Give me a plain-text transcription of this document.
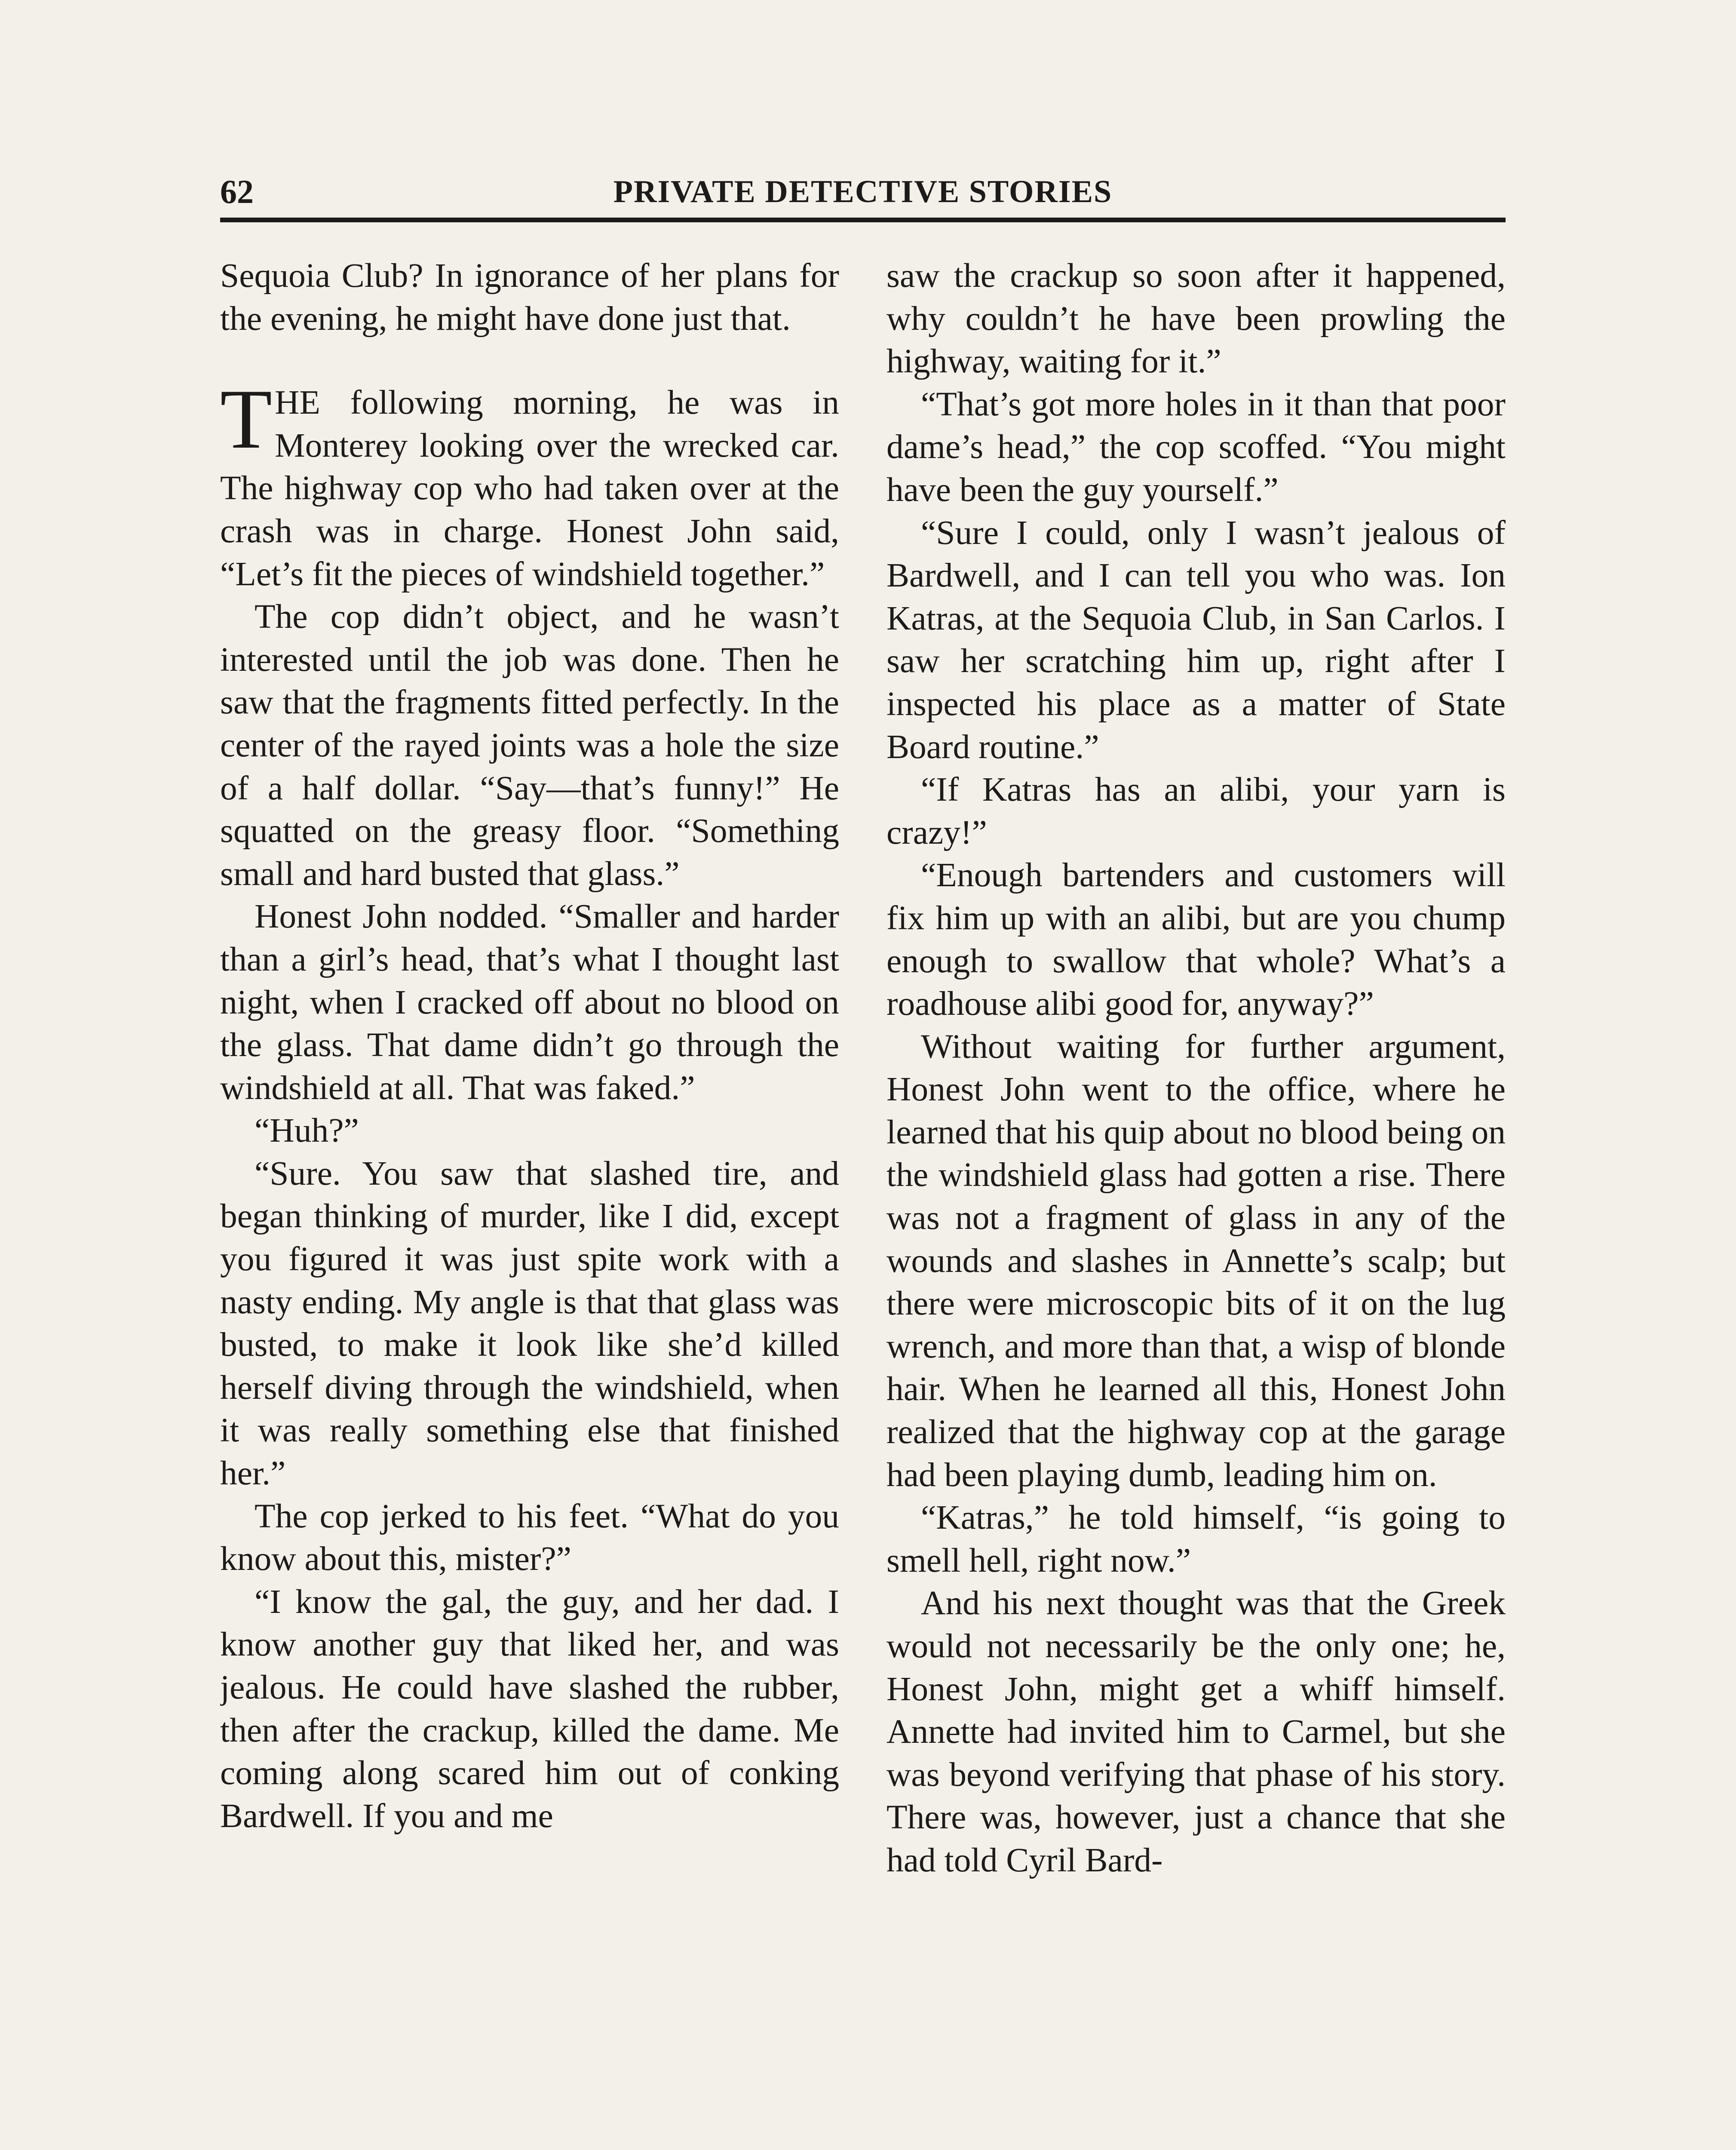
62	PRIVATE DETECTIVE STORIES

Sequoia Club? In ignorance of her plans for the evening, he might have done just that.

THE following morning, he was in Monterey looking over the wrecked car. The highway cop who had taken over at the crash was in charge. Honest John said, “Let’s fit the pieces of windshield together.”

The cop didn’t object, and he wasn’t interested until the job was done. Then he saw that the fragments fitted perfectly. In the center of the rayed joints was a hole the size of a half dollar. “Say—that’s funny!” He squatted on the greasy floor. “Something small and hard busted that glass.”

Honest John nodded. “Smaller and harder than a girl’s head, that’s what I thought last night, when I cracked off about no blood on the glass. That dame didn’t go through the windshield at all. That was faked.”

“Huh?”

“Sure. You saw that slashed tire, and began thinking of murder, like I did, except you figured it was just spite work with a nasty ending. My angle is that that glass was busted, to make it look like she’d killed herself diving through the windshield, when it was really something else that finished her.”

The cop jerked to his feet. “What do you know about this, mister?”

“I know the gal, the guy, and her dad. I know another guy that liked her, and was jealous. He could have slashed the rubber, then after the crackup, killed the dame. Me coming along scared him out of conking Bardwell. If you and me

saw the crackup so soon after it happened, why couldn’t he have been prowling the highway, waiting for it.”

“That’s got more holes in it than that poor dame’s head,” the cop scoffed. “You might have been the guy yourself.”

“Sure I could, only I wasn’t jealous of Bardwell, and I can tell you who was. Ion Katras, at the Sequoia Club, in San Carlos. I saw her scratching him up, right after I inspected his place as a matter of State Board routine.”

“If Katras has an alibi, your yarn is crazy!”

“Enough bartenders and customers will fix him up with an alibi, but are you chump enough to swallow that whole? What’s a roadhouse alibi good for, anyway?”

Without waiting for further argument, Honest John went to the office, where he learned that his quip about no blood being on the windshield glass had gotten a rise. There was not a fragment of glass in any of the wounds and slashes in Annette’s scalp; but there were microscopic bits of it on the lug wrench, and more than that, a wisp of blonde hair. When he learned all this, Honest John realized that the highway cop at the garage had been playing dumb, leading him on.

“Katras,” he told himself, “is going to smell hell, right now.”

And his next thought was that the Greek would not necessarily be the only one; he, Honest John, might get a whiff himself. Annette had invited him to Carmel, but she was beyond verifying that phase of his story. There was, however, just a chance that she had told Cyril Bard-
